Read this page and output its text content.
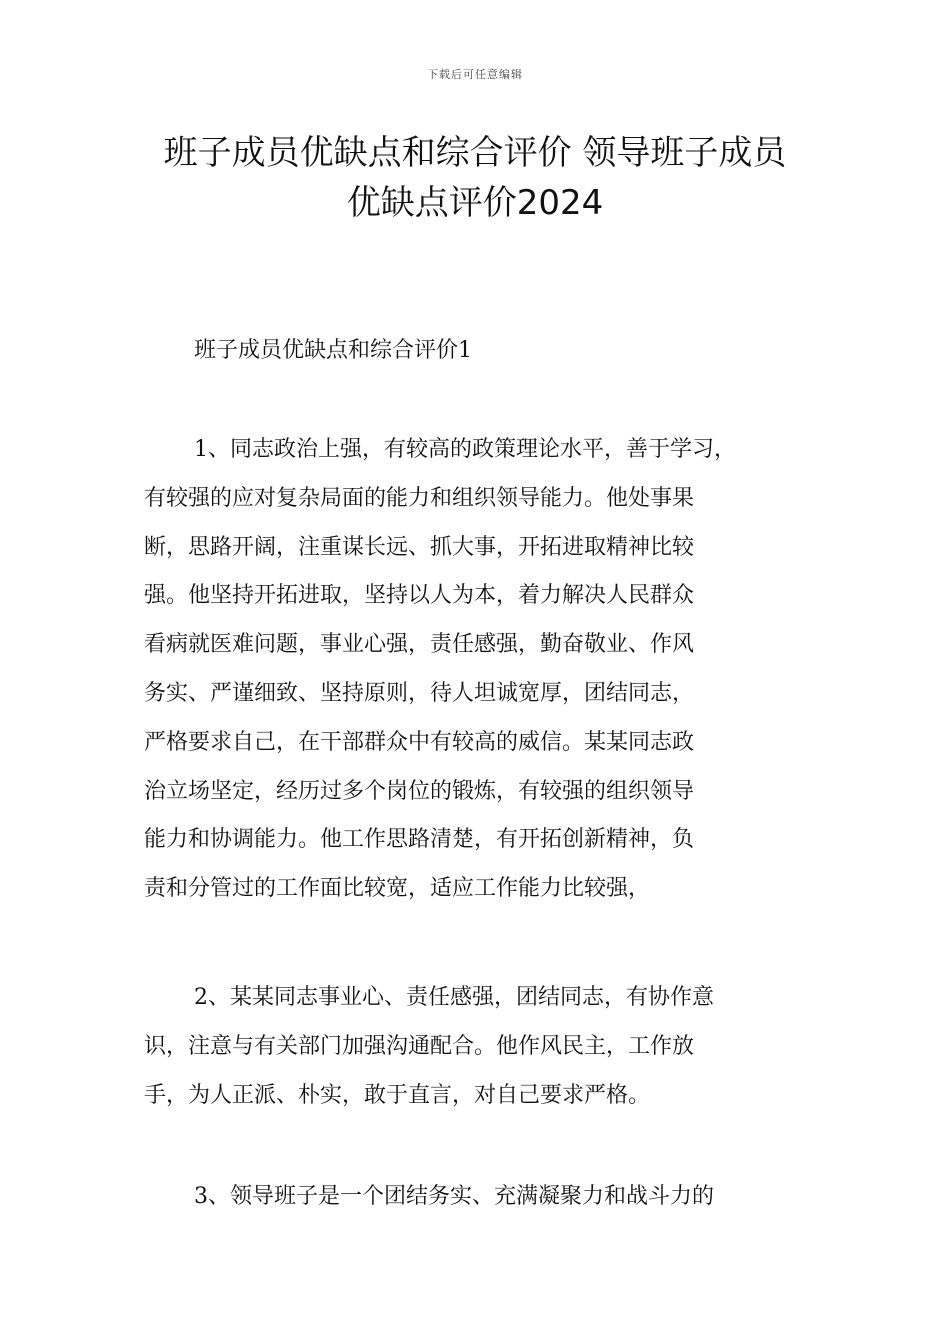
下载后可任意编辑
班子成员优缺点和综合评价 领导班子成员
优缺点评价2024
班子成员优缺点和综合评价1
1、同志政治上强，有较高的政策理论水平，善于学习，
有较强的应对复杂局面的能力和组织领导能力。他处事果
断，思路开阔，注重谋长远、抓大事，开拓进取精神比较
强。他坚持开拓进取，坚持以人为本，着力解决人民群众
看病就医难问题，事业心强，责任感强，勤奋敬业、作风
务实、严谨细致、坚持原则，待人坦诚宽厚，团结同志，
严格要求自己，在干部群众中有较高的威信。某某同志政
治立场坚定，经历过多个岗位的锻炼，有较强的组织领导
能力和协调能力。他工作思路清楚，有开拓创新精神，负
责和分管过的工作面比较宽，适应工作能力比较强，
2、某某同志事业心、责任感强，团结同志，有协作意
识，注意与有关部门加强沟通配合。他作风民主，工作放
手，为人正派、朴实，敢于直言，对自己要求严格。
3、领导班子是一个团结务实、充满凝聚力和战斗力的
